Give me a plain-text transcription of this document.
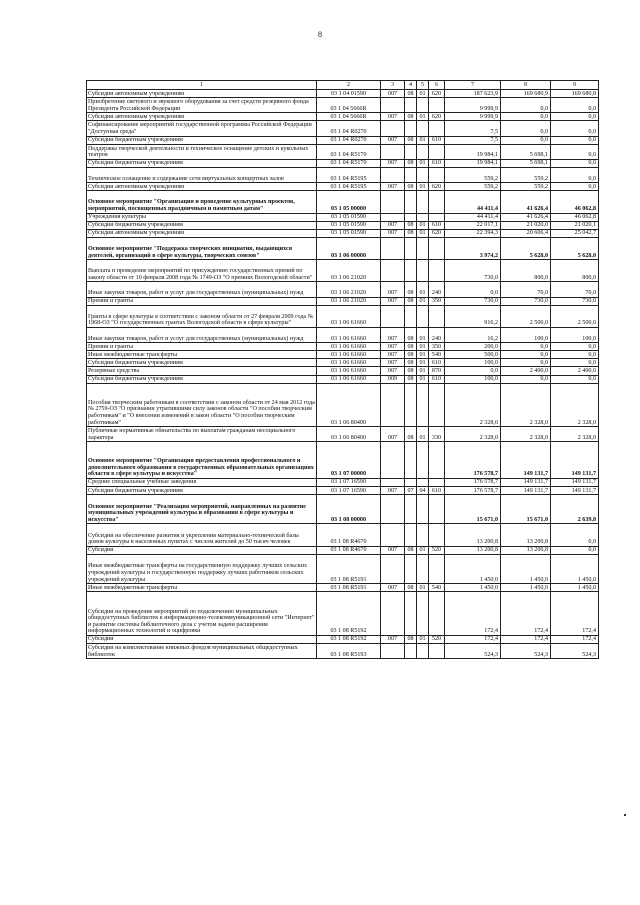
8
1	2	3	4	5	6	7	8	9
Субсидии автономным учреждениям	03 1 04 01590	007	08	01	620	187 623,9	169 680,9	169 680,8
Приобретение светового и звукового оборудования за счет средств резервного фонда Президента Российской Федерации	03 1 04 5666R					9 999,9	0,0	0,0
Субсидии автономным учреждениям	03 1 04 5666R	007	08	01	620	9 999,9	0,0	0,0
Софинансирование мероприятий государственной программы Российской Федерации "Доступная среда"	03 1 04 R0270					7,5	0,0	0,0
Субсидии бюджетным учреждениям	03 1 04 R0270	007	08	01	610	7,5	0,0	0,0
Поддержка творческой деятельности и техническое оснащение детских и кукольных театров	03 1 04 R5170					19 984,1	5 698,1	0,0
Субсидии бюджетным учреждениям	03 1 04 R5170	007	08	01	610	19 984,1	5 698,1	0,0
Техническое оснащение и содержание сети виртуальных концертных залов	03 1 04 R5195					559,2	559,2	0,0
Субсидии автономным учреждениям	03 1 04 R5195	007	08	01	620	559,2	559,2	0,0
Основное мероприятие "Организация и проведение культурных проектов, мероприятий, посвященных праздничным и памятным датам"	03 1 05 00000					44 411,4	41 626,4	46 062,8
Учреждения культуры	03 1 05 01590					44 411,4	41 626,4	46 062,8
Субсидии бюджетным учреждениям	03 1 05 01590	007	08	01	610	22 017,1	21 020,0	21 020,1
Субсидии автономным учреждениям	03 1 05 01590	007	08	01	620	22 394,3	20 606,4	25 042,7
Основное мероприятие "Поддержка творческих инициатив, выдающихся деятелей, организаций в сфере культуры, творческих союзов"	03 1 06 00000					3 974,2	5 628,0	5 628,0
Выплата и проведение мероприятий по присуждению государственных премий по закону области от 10 февраля 2008 года № 1749-ОЗ "О премиях Вологодской области"	03 1 06 21020					730,0	800,0	800,0
Иные закупки товаров, работ и услуг для государственных (муниципальных) нужд	03 1 06 21020	007	08	01	240	0,0	70,0	70,0
Премии и гранты	03 1 06 21020	007	08	01	350	730,0	730,0	730,0
Гранты в сфере культуры в соответствии с законом области от 27 февраля 2009 года № 1968-ОЗ "О государственных грантах Вологодской области в сфере культуры"	03 1 06 61660					916,2	2 500,0	2 500,0
Иные закупки товаров, работ и услуг для государственных (муниципальных) нужд	03 1 06 61660	007	08	01	240	16,2	100,0	100,0
Премии и гранты	03 1 06 61660	007	08	01	350	200,0	0,0	0,0
Иные межбюджетные трансферты	03 1 06 61660	007	08	01	540	500,0	0,0	0,0
Субсидии бюджетным учреждениям	03 1 06 61660	007	08	01	610	100,0	0,0	0,0
Резервные средства	03 1 06 61660	007	08	01	870	0,0	2 400,0	2 400,0
Субсидии бюджетным учреждениям	03 1 06 61660	009	08	01	610	100,0	0,0	0,0
Пособия творческим работникам в соответствии с законом области от 24 мая 2012 года № 2759-ОЗ "О признании утратившими силу законов области "О пособии творческим работникам" и "О внесении изменений в закон области "О пособии творческим работникам"	03 1 06 80400					2 328,0	2 328,0	2 328,0
Публичные нормативные обязательства по выплатам гражданам несоциального характера	03 1 06 80400	007	08	01	330	2 328,0	2 328,0	2 328,0
Основное мероприятие "Организация предоставления профессионального и дополнительного образования в государственных образовательных организациях области в сфере культуры и искусства"	03 1 07 00000					176 578,7	149 131,7	149 131,7
Средние специальные учебные заведения	03 1 07 16590					176 578,7	149 131,7	149 131,7
Субсидии бюджетным учреждениям	03 1 07 16590	007	07	04	610	176 578,7	149 131,7	149 131,7
Основное мероприятие "Реализация мероприятий, направленных на развитие муниципальных учреждений культуры и образования в сфере культуры и искусства"	03 1 08 00000					15 671,0	15 671,0	2 639,8
Субсидии на обеспечение развития и укрепления материально-технической базы домов культуры в населенных пунктах с числом жителей до 50 тысяч человек	03 1 08 R4670					13 200,8	13 200,8	0,0
Субсидии	03 1 08 R4670	007	08	01	520	13 200,8	13 200,8	0,0
Иные межбюджетные трансферты на государственную поддержку лучших сельских учреждений культуры и государственную поддержку лучших работников сельских учреждений культуры	03 1 08 R5191					1 450,0	1 450,0	1 450,0
Иные межбюджетные трансферты	03 1 08 R5191	007	08	01	540	1 450,0	1 450,0	1 450,0
Субсидии на проведение мероприятий по подключению муниципальных общедоступных библиотек к информационно-телекоммуникационной сети "Интернет" и развитие системы библиотечного дела с учетом задачи расширения информационных технологий и оцифровки	03 1 08 R5192					172,4	172,4	172,4
Субсидии	03 1 08 R5192	007	08	01	520	172,4	172,4	172,4
Субсидии на комплектование книжных фондов муниципальных общедоступных библиотек	03 1 08 R5193					524,3	524,3	524,3
